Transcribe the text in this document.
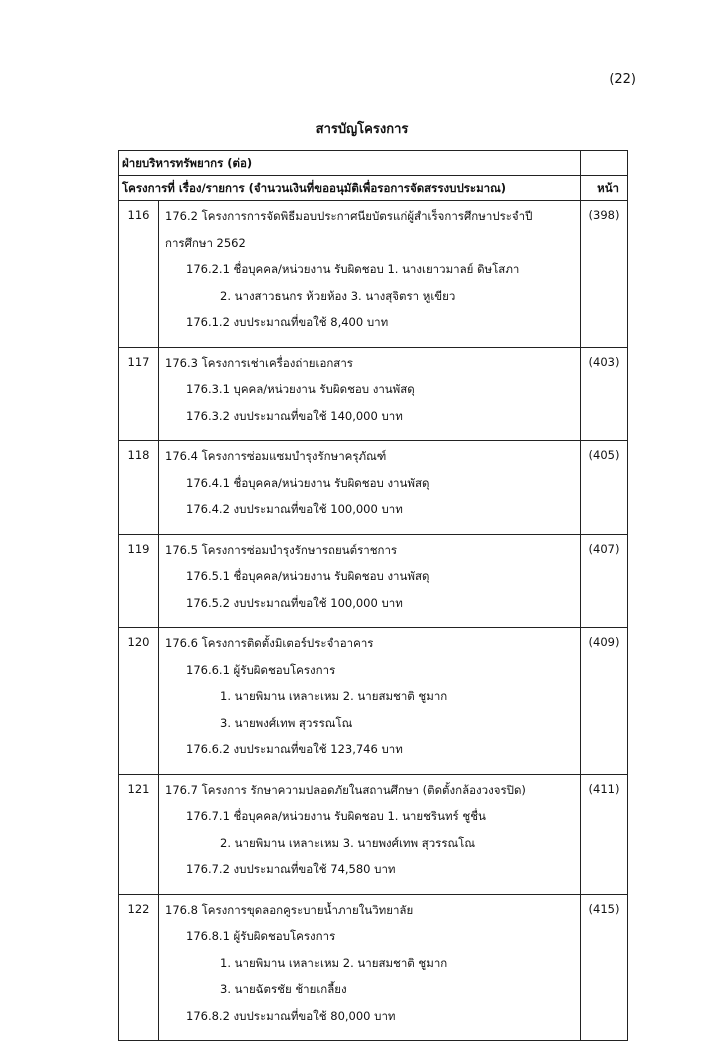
(22)
สารบัญโครงการ
ฝ่ายบริหารทรัพยากร (ต่อ)		
โครงการที่ เรื่อง/รายการ (จำนวนเงินที่ขออนุมัติเพื่อรอการจัดสรรงบประมาณ)		หน้า
116	176.2 โครงการการจัดพิธีมอบประกาศนียบัตรแก่ผู้สำเร็จการศึกษาประจำปี
การศึกษา 2562
176.2.1 ชื่อบุคคล/หน่วยงาน รับผิดชอบ 1. นางเยาวมาลย์ ดิษโสภา
2. นางสาวธนกร ห้วยห้อง 3. นางสุจิตรา หูเขียว
176.1.2 งบประมาณที่ขอใช้ 8,400 บาท	(398)
117	176.3 โครงการเช่าเครื่องถ่ายเอกสาร
176.3.1 บุคคล/หน่วยงาน รับผิดชอบ งานพัสดุ
176.3.2 งบประมาณที่ขอใช้ 140,000 บาท	(403)
118	176.4 โครงการซ่อมแซมบำรุงรักษาครุภัณฑ์
176.4.1 ชื่อบุคคล/หน่วยงาน รับผิดชอบ งานพัสดุ
176.4.2 งบประมาณที่ขอใช้ 100,000 บาท	(405)
119	176.5 โครงการซ่อมบำรุงรักษารถยนต์ราชการ
176.5.1 ชื่อบุคคล/หน่วยงาน รับผิดชอบ งานพัสดุ
176.5.2 งบประมาณที่ขอใช้ 100,000 บาท	(407)
120	176.6 โครงการติดตั้งมิเตอร์ประจำอาคาร
176.6.1 ผู้รับผิดชอบโครงการ
1. นายพิมาน เหลาะเหม 2. นายสมชาติ ชูมาก
3. นายพงศ์เทพ สุวรรณโณ
176.6.2 งบประมาณที่ขอใช้ 123,746 บาท	(409)
121	176.7 โครงการ รักษาความปลอดภัยในสถานศึกษา (ติดตั้งกล้องวงจรปิด)
176.7.1 ชื่อบุคคล/หน่วยงาน รับผิดชอบ 1. นายชรินทร์ ชูชื่น
2. นายพิมาน เหลาะเหม 3. นายพงศ์เทพ สุวรรณโณ
176.7.2 งบประมาณที่ขอใช้ 74,580 บาท	(411)
122	176.8 โครงการขุดลอกคูระบายน้ำภายในวิทยาลัย
176.8.1 ผู้รับผิดชอบโครงการ
1. นายพิมาน เหลาะเหม 2. นายสมชาติ ชูมาก
3. นายฉัตรชัย ช้ายเกลี้ยง
176.8.2 งบประมาณที่ขอใช้ 80,000 บาท	(415)
